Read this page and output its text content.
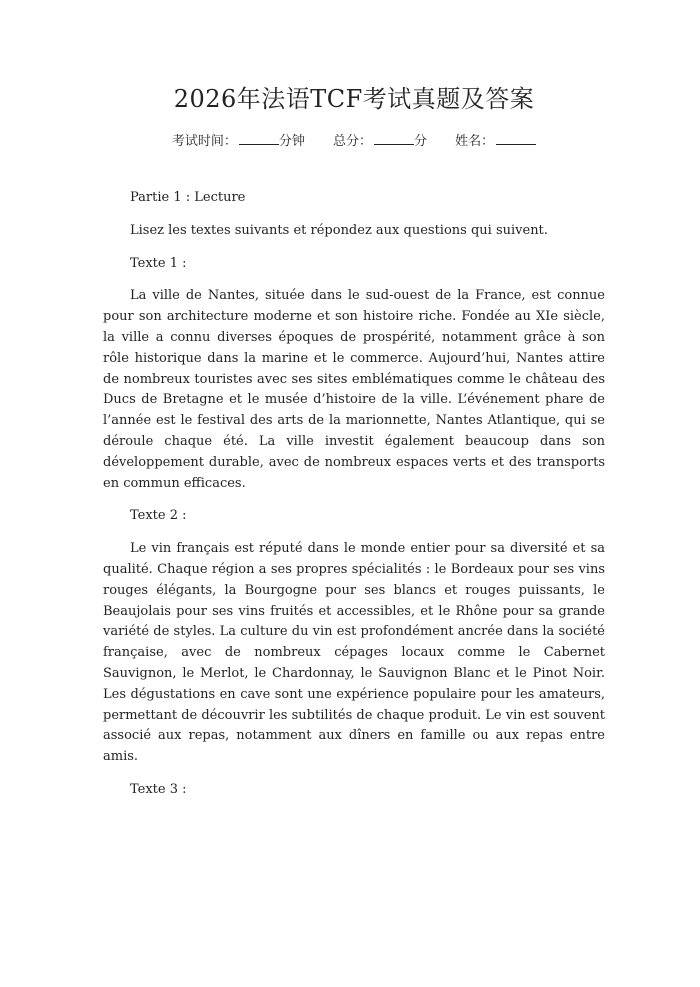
2026年法语TCF考试真题及答案
考试时间：	分钟 总分：	分 姓名：

Partie 1 : Lecture

Lisez les textes suivants et répondez aux questions qui suivent.

Texte 1 :

La ville de Nantes, située dans le sud-ouest de la France, est connue pour son architecture moderne et son histoire riche. Fondée au XIe siècle, la ville a connu diverses époques de prospérité, notamment grâce à son rôle historique dans la marine et le commerce. Aujourd’hui, Nantes attire de nombreux touristes avec ses sites emblématiques comme le château des Ducs de Bretagne et le musée d’histoire de la ville. L’événement phare de l’année est le festival des arts de la marionnette, Nantes Atlantique, qui se déroule chaque été. La ville investit également beaucoup dans son développement durable, avec de nombreux espaces verts et des transports en commun efficaces.

Texte 2 :

Le vin français est réputé dans le monde entier pour sa diversité et sa qualité. Chaque région a ses propres spécialités : le Bordeaux pour ses vins rouges élégants, la Bourgogne pour ses blancs et rouges puissants, le Beaujolais pour ses vins fruités et accessibles, et le Rhône pour sa grande variété de styles. La culture du vin est profondément ancrée dans la société française, avec de nombreux cépages locaux comme le Cabernet Sauvignon, le Merlot, le Chardonnay, le Sauvignon Blanc et le Pinot Noir. Les dégustations en cave sont une expérience populaire pour les amateurs, permettant de découvrir les subtilités de chaque produit. Le vin est souvent associé aux repas, notamment aux dîners en famille ou aux repas entre amis.

Texte 3 :
